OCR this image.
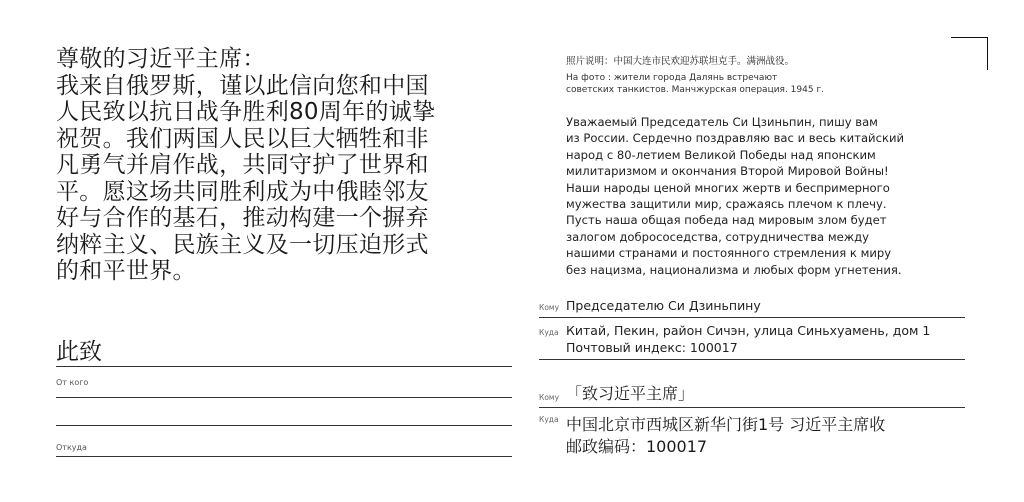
尊敬的习近平主席：
我来自俄罗斯，谨以此信向您和中国
人民致以抗日战争胜利80周年的诚挚
祝贺。我们两国人民以巨大牺牲和非
凡勇气并肩作战，共同守护了世界和
平。愿这场共同胜利成为中俄睦邻友
好与合作的基石，推动构建一个摒弃
纳粹主义、民族主义及一切压迫形式
的和平世界。

此致

От кого

Откуда

照片说明：中国大连市民欢迎苏联坦克手。满洲战役。

На фото : жители города Далянь встречают
советских танкистов. Манчжурская операция. 1945 г.

Уважаемый Председатель Си Цзиньпин, пишу вам
из России. Сердечно поздравляю вас и весь китайский
народ с 80-летием Великой Победы над японским
милитаризмом и окончания Второй Мировой Войны!
Наши народы ценой многих жертв и беспримерного
мужества защитили мир, сражаясь плечом к плечу.
Пусть наша общая победа над мировым злом будет
залогом добрососедства, сотрудничества между
нашими странами и постоянного стремления к миру
без нацизма, национализма и любых форм угнетения.

Кому Председателю Си Дзиньпину

Куда Китай, Пекин, район Сичэн, улица Синьхуамень, дом 1
Почтовый индекс: 100017

Кому 「致习近平主席」

Куда 中国北京市西城区新华门街1号 习近平主席收
邮政编码：100017
